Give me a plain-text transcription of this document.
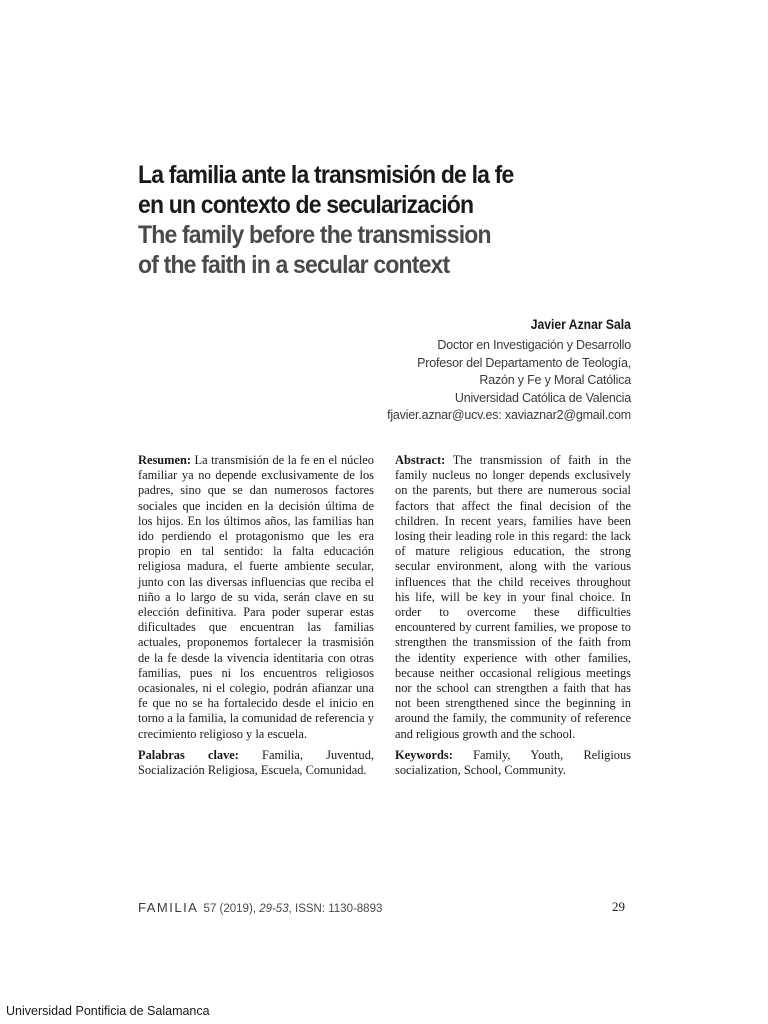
La familia ante la transmisión de la fe
en un contexto de secularización
The family before the transmission
of the faith in a secular context
Javier Aznar Sala
Doctor en Investigación y Desarrollo
Profesor del Departamento de Teología,
Razón y Fe y Moral Católica
Universidad Católica de Valencia
fjavier.aznar@ucv.es: xaviaznar2@gmail.com

Resumen: La transmisión de la fe en el núcleo familiar ya no depende exclusivamente de los padres, sino que se dan numerosos factores sociales que inciden en la decisión última de los hijos. En los últimos años, las familias han ido perdiendo el protagonismo que les era propio en tal sentido: la falta educación religiosa madura, el fuerte ambiente secular, junto con las diversas influencias que reciba el niño a lo largo de su vida, serán clave en su elección definitiva. Para poder superar estas dificultades que encuentran las familias actuales, proponemos fortalecer la trasmisión de la fe desde la vivencia identitaria con otras familias, pues ni los encuentros religiosos ocasionales, ni el colegio, podrán afianzar una fe que no se ha fortalecido desde el inicio en torno a la familia, la comunidad de referencia y crecimiento religioso y la escuela.

Palabras clave: Familia, Juventud, Socialización Religiosa, Escuela, Comunidad.

Abstract: The transmission of faith in the family nucleus no longer depends exclusively on the parents, but there are numerous social factors that affect the final decision of the children. In recent years, families have been losing their leading role in this regard: the lack of mature religious education, the strong secular environment, along with the various influences that the child receives throughout his life, will be key in your final choice. In order to overcome these difficulties encountered by current families, we propose to strengthen the transmission of the faith from the identity experience with other families, because neither occasional religious meetings nor the school can strengthen a faith that has not been strengthened since the beginning in around the family, the community of reference and religious growth and the school.

Keywords: Family, Youth, Religious socialization, School, Community.

FAMILIA 57 (2019), 29-53, ISSN: 1130-8893	29
Universidad Pontificia de Salamanca
